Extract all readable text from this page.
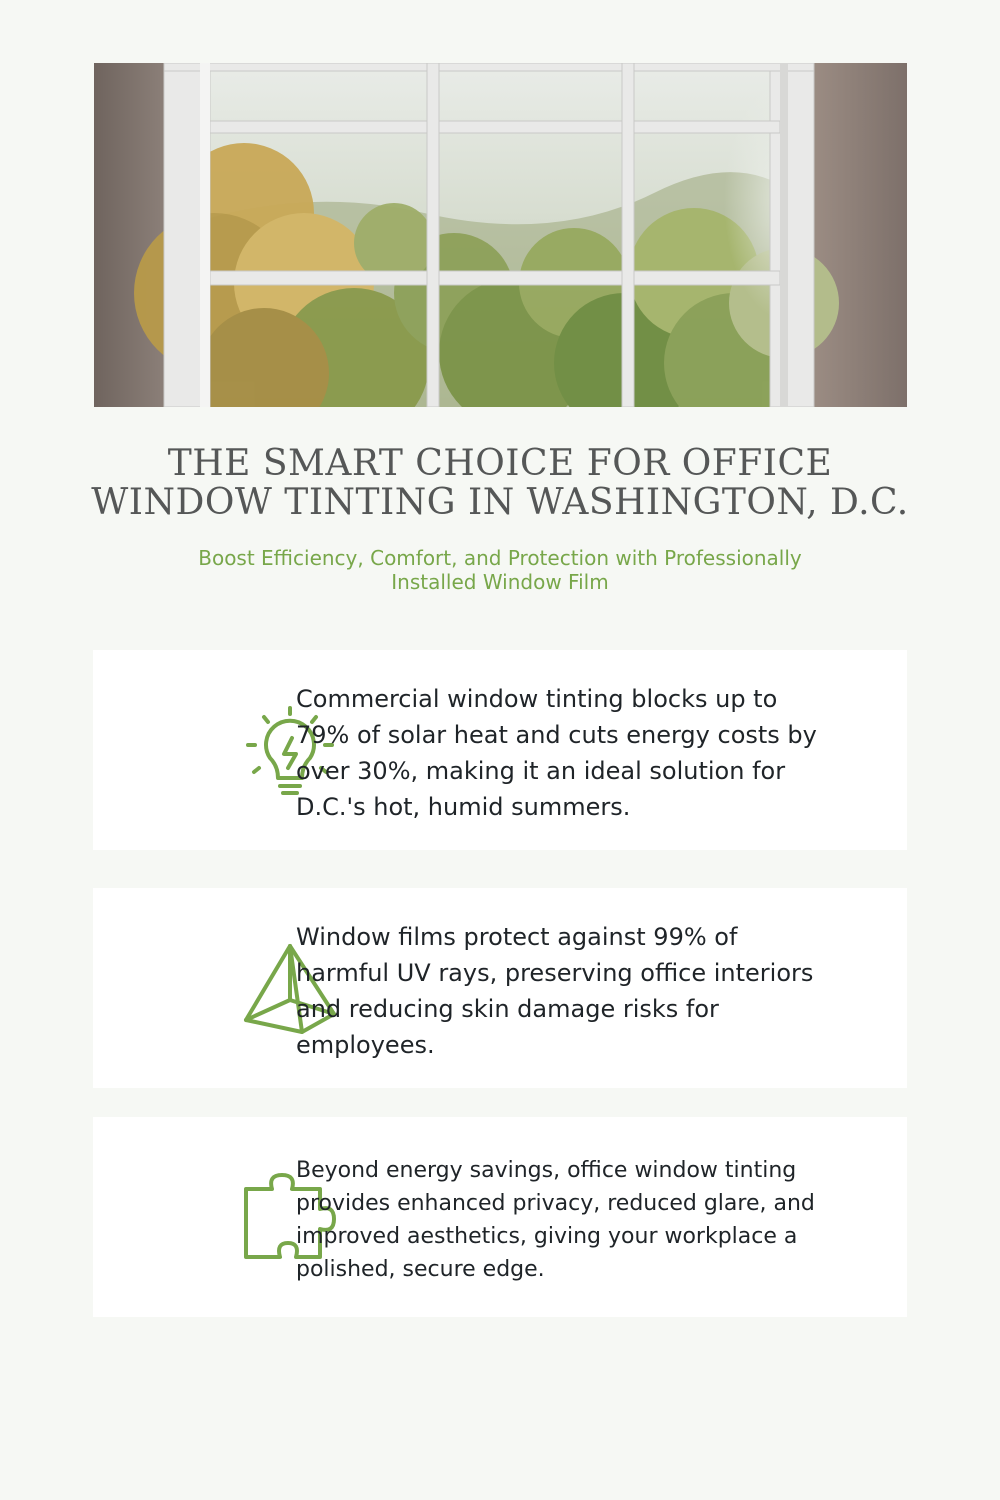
THE SMART CHOICE FOR OFFICE
WINDOW TINTING IN WASHINGTON, D.C.

Boost Efficiency, Comfort, and Protection with Professionally
Installed Window Film

Commercial window tinting blocks up to 79% of solar heat and cuts energy costs by over 30%, making it an ideal solution for D.C.'s hot, humid summers.

Window films protect against 99% of harmful UV rays, preserving office interiors and reducing skin damage risks for employees.

Beyond energy savings, office window tinting provides enhanced privacy, reduced glare, and improved aesthetics, giving your workplace a polished, secure edge.
